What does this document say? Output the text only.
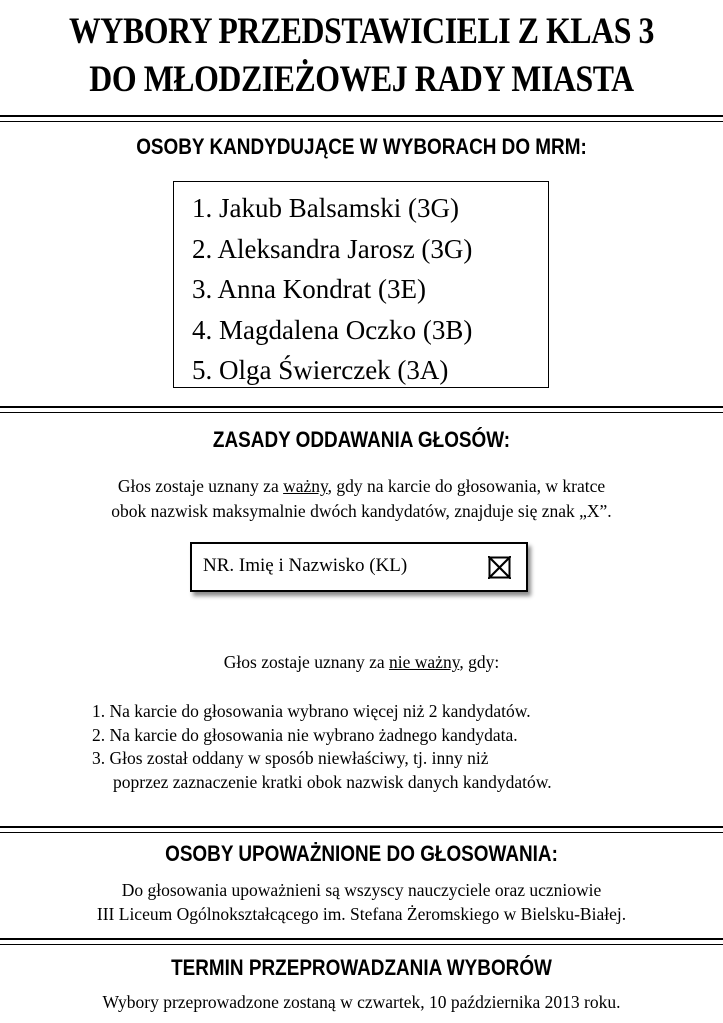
WYBORY PRZEDSTAWICIELI Z KLAS 3
DO MŁODZIEŻOWEJ RADY MIASTA
OSOBY KANDYDUJĄCE W WYBORACH DO MRM:
1. Jakub Balsamski (3G)
2. Aleksandra Jarosz (3G)
3. Anna Kondrat (3E)
4. Magdalena Oczko (3B)
5. Olga Świerczek (3A)
ZASADY ODDAWANIA GŁOSÓW:
Głos zostaje uznany za ważny, gdy na karcie do głosowania, w kratce
obok nazwisk maksymalnie dwóch kandydatów, znajduje się znak „X”.
NR. Imię i Nazwisko (KL)
Głos zostaje uznany za nie ważny, gdy:
1. Na karcie do głosowania wybrano więcej niż 2 kandydatów.
2. Na karcie do głosowania nie wybrano żadnego kandydata.
3. Głos został oddany w sposób niewłaściwy, tj. inny niż
poprzez zaznaczenie kratki obok nazwisk danych kandydatów.
OSOBY UPOWAŻNIONE DO GŁOSOWANIA:
Do głosowania upoważnieni są wszyscy nauczyciele oraz uczniowie
III Liceum Ogólnokształcącego im. Stefana Żeromskiego w Bielsku-Białej.
TERMIN PRZEPROWADZANIA WYBORÓW
Wybory przeprowadzone zostaną w czwartek, 10 października 2013 roku.
